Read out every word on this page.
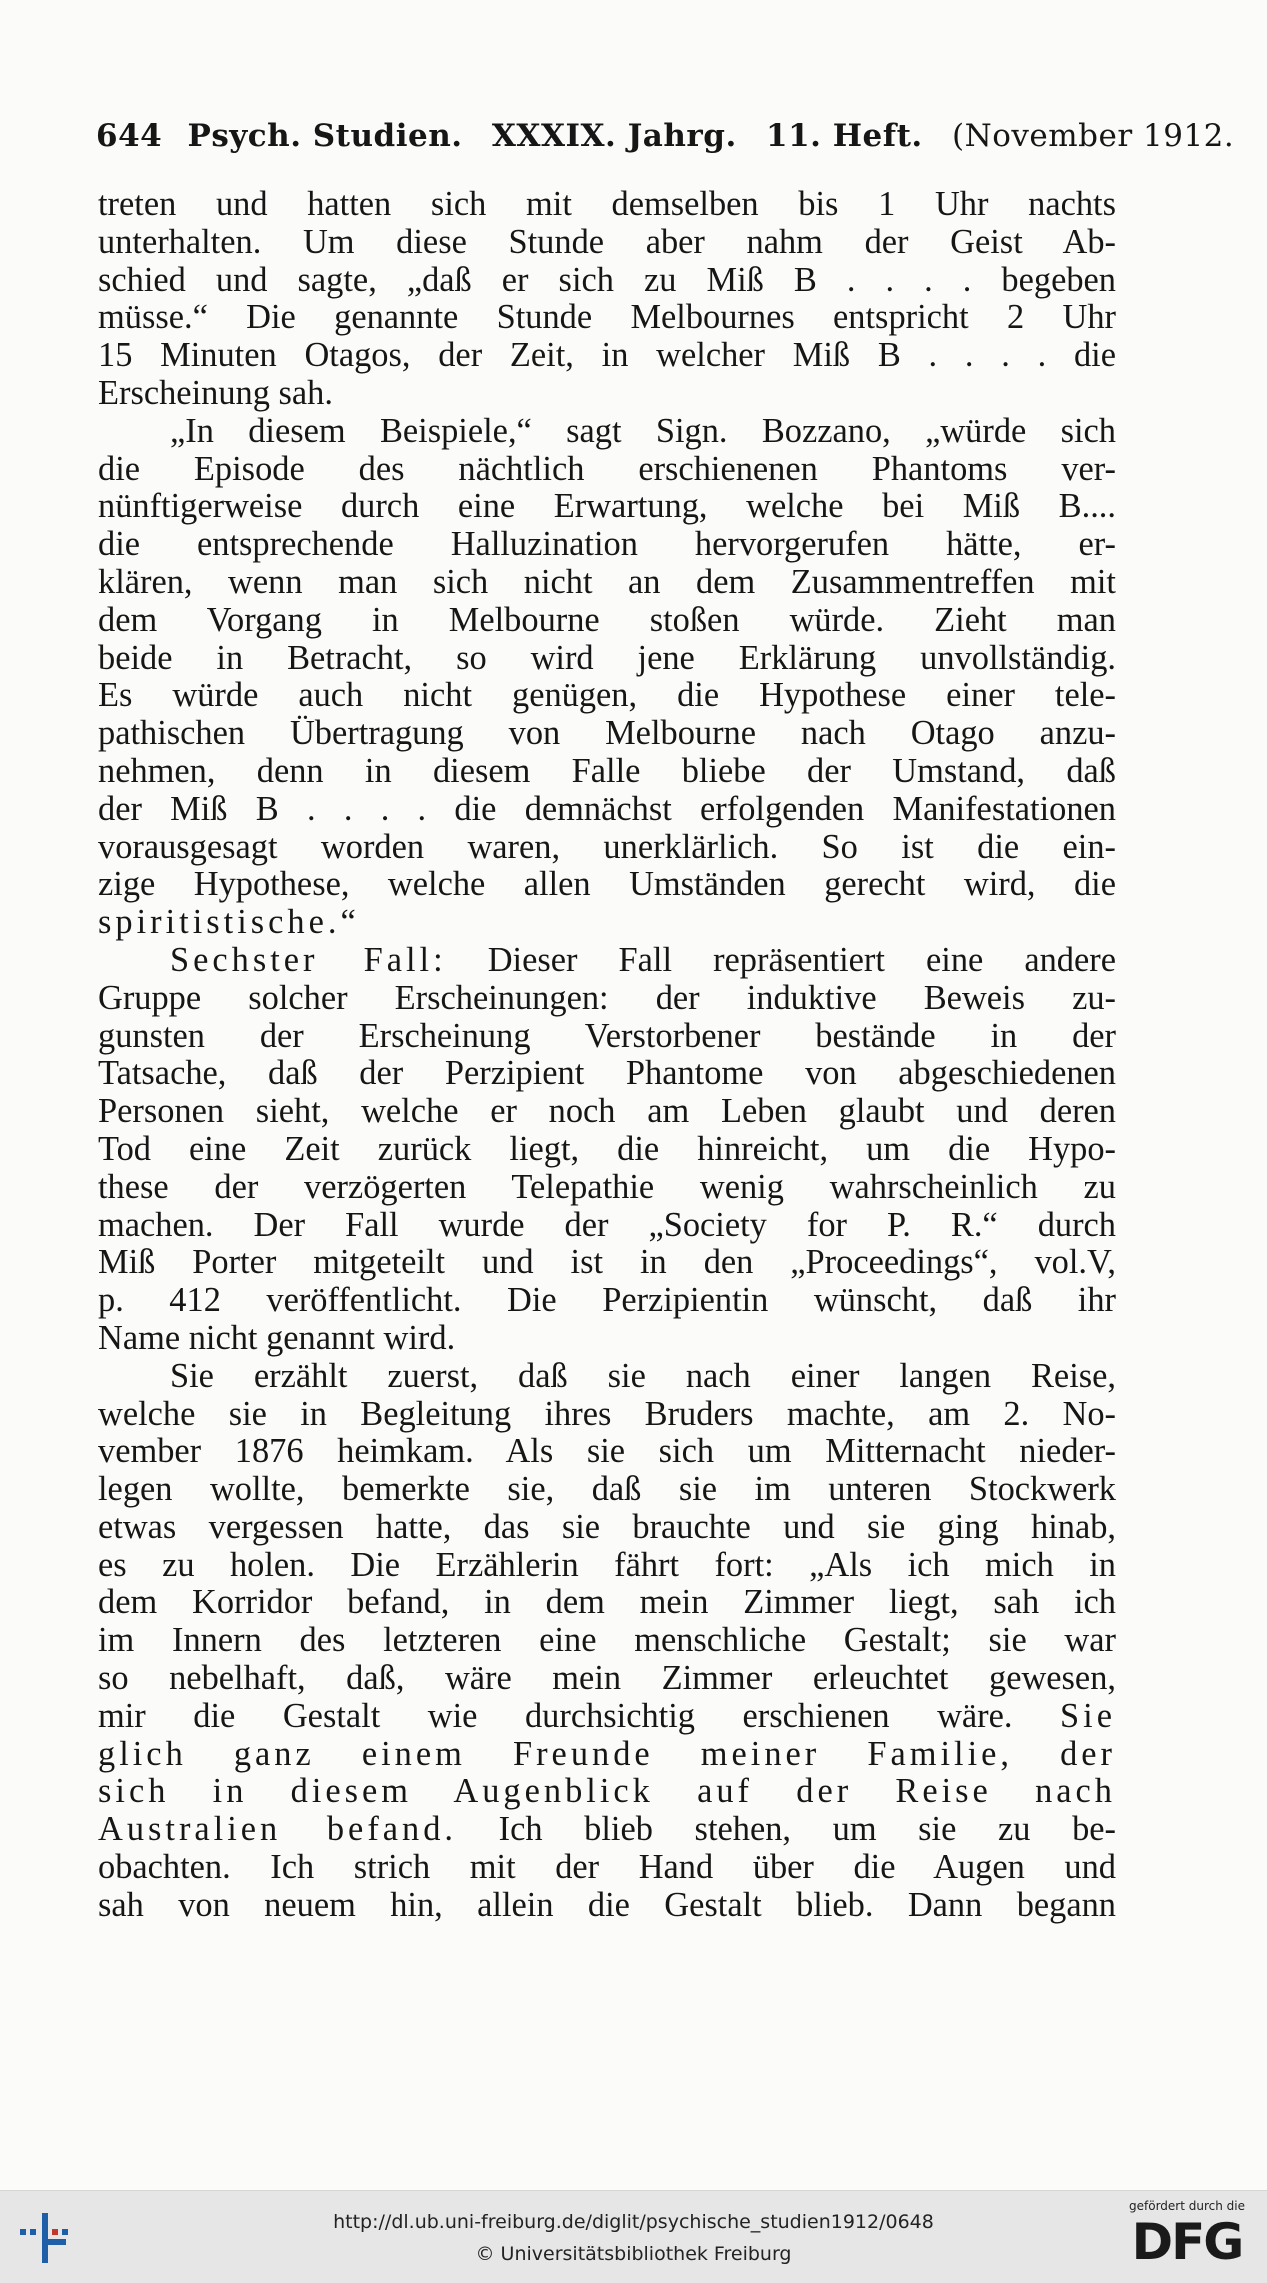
644 Psych. Studien. XXXIX. Jahrg. 11. Heft. (November 1912.

treten und hatten sich mit demselben bis 1 Uhr nachts
unterhalten. Um diese Stunde aber nahm der Geist Ab-
schied und sagte, „daß er sich zu Miß B . . . . begeben
müsse.“ Die genannte Stunde Melbournes entspricht 2 Uhr
15 Minuten Otagos, der Zeit, in welcher Miß B . . . . die
Erscheinung sah.

„In diesem Beispiele,“ sagt Sign. Bozzano, „würde sich
die Episode des nächtlich erschienenen Phantoms ver-
nünftigerweise durch eine Erwartung, welche bei Miß B....
die entsprechende Halluzination hervorgerufen hätte, er-
klären, wenn man sich nicht an dem Zusammentreffen mit
dem Vorgang in Melbourne stoßen würde. Zieht man
beide in Betracht, so wird jene Erklärung unvollständig.
Es würde auch nicht genügen, die Hypothese einer tele-
pathischen Übertragung von Melbourne nach Otago anzu-
nehmen, denn in diesem Falle bliebe der Umstand, daß
der Miß B . . . . die demnächst erfolgenden Manifestationen
vorausgesagt worden waren, unerklärlich. So ist die ein-
zige Hypothese, welche allen Umständen gerecht wird, die
spiritistische.“

Sechster Fall: Dieser Fall repräsentiert eine andere
Gruppe solcher Erscheinungen: der induktive Beweis zu-
gunsten der Erscheinung Verstorbener bestände in der
Tatsache, daß der Perzipient Phantome von abgeschiedenen
Personen sieht, welche er noch am Leben glaubt und deren
Tod eine Zeit zurück liegt, die hinreicht, um die Hypo-
these der verzögerten Telepathie wenig wahrscheinlich zu
machen. Der Fall wurde der „Society for P. R.“ durch
Miß Porter mitgeteilt und ist in den „Proceedings“, vol.V,
p. 412 veröffentlicht. Die Perzipientin wünscht, daß ihr
Name nicht genannt wird.

Sie erzählt zuerst, daß sie nach einer langen Reise,
welche sie in Begleitung ihres Bruders machte, am 2. No-
vember 1876 heimkam. Als sie sich um Mitternacht nieder-
legen wollte, bemerkte sie, daß sie im unteren Stockwerk
etwas vergessen hatte, das sie brauchte und sie ging hinab,
es zu holen. Die Erzählerin fährt fort: „Als ich mich in
dem Korridor befand, in dem mein Zimmer liegt, sah ich
im Innern des letzteren eine menschliche Gestalt; sie war
so nebelhaft, daß, wäre mein Zimmer erleuchtet gewesen,
mir die Gestalt wie durchsichtig erschienen wäre. Sie
glich ganz einem Freunde meiner Familie, der
sich in diesem Augenblick auf der Reise nach
Australien befand. Ich blieb stehen, um sie zu be-
obachten. Ich strich mit der Hand über die Augen und
sah von neuem hin, allein die Gestalt blieb. Dann begann

http://dl.ub.uni-freiburg.de/diglit/psychische_studien1912/0648
© Universitätsbibliothek Freiburg
gefördert durch die
DFG
